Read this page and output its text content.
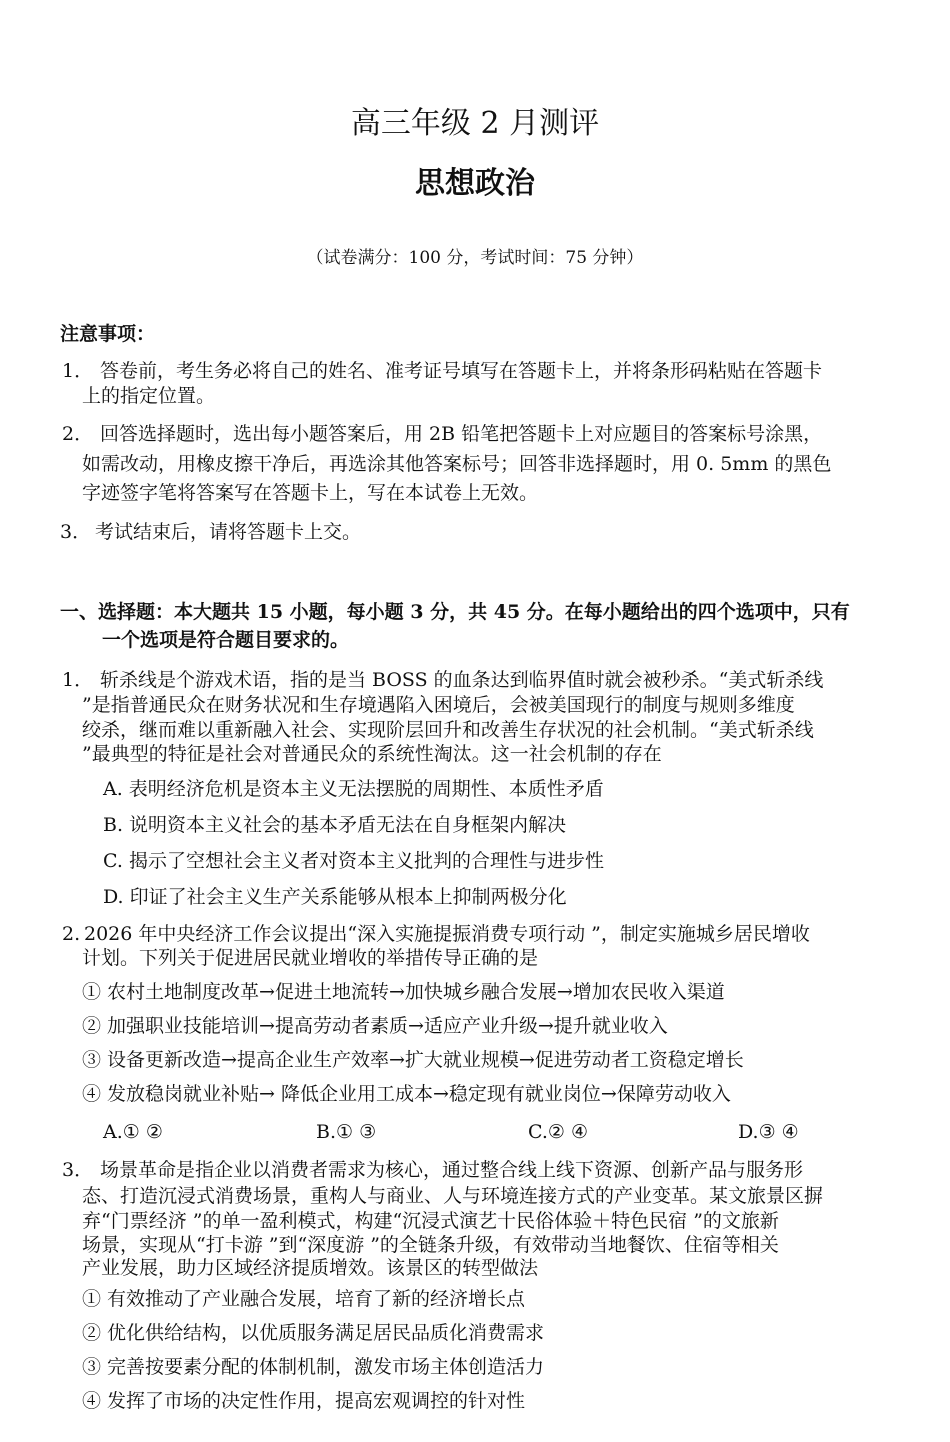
高三年级 2 月测评
思想政治
（试卷满分：100 分，考试时间：75 分钟）
注意事项：
1． 答卷前，考生务必将自己的姓名、准考证号填写在答题卡上，并将条形码粘贴在答题卡
上的指定位置。
2． 回答选择题时，选出每小题答案后，用 2B 铅笔把答题卡上对应题目的答案标号涂黑，
如需改动，用橡皮擦干净后，再选涂其他答案标号；回答非选择题时，用 0. 5mm 的黑色
字迹签字笔将答案写在答题卡上，写在本试卷上无效。
3． 考试结束后，请将答题卡上交。
一、选择题：本大题共 15 小题，每小题 3 分，共 45 分。在每小题给出的四个选项中，只有
一个选项是符合题目要求的。
1． 斩杀线是个游戏术语，指的是当 BOSS 的血条达到临界值时就会被秒杀。“美式斩杀线
”是指普通民众在财务状况和生存境遇陷入困境后，会被美国现行的制度与规则多维度
绞杀，继而难以重新融入社会、实现阶层回升和改善生存状况的社会机制。“美式斩杀线
”最典型的特征是社会对普通民众的系统性淘汰。这一社会机制的存在
A. 表明经济危机是资本主义无法摆脱的周期性、本质性矛盾
B. 说明资本主义社会的基本矛盾无法在自身框架内解决
C. 揭示了空想社会主义者对资本主义批判的合理性与进步性
D. 印证了社会主义生产关系能够从根本上抑制两极分化
2. 2026 年中央经济工作会议提出“深入实施提振消费专项行动 ”，制定实施城乡居民增收
计划。下列关于促进居民就业增收的举措传导正确的是
① 农村土地制度改革→促进土地流转→加快城乡融合发展→增加农民收入渠道
② 加强职业技能培训→提高劳动者素质→适应产业升级→提升就业收入
③ 设备更新改造→提高企业生产效率→扩大就业规模→促进劳动者工资稳定增长
④ 发放稳岗就业补贴→ 降低企业用工成本→稳定现有就业岗位→保障劳动收入
A.① ②	B.① ③	C.② ④	D.③ ④
3． 场景革命是指企业以消费者需求为核心，通过整合线上线下资源、创新产品与服务形
态、打造沉浸式消费场景，重构人与商业、人与环境连接方式的产业变革。某文旅景区摒
弃“门票经济 ”的单一盈利模式，构建“沉浸式演艺十民俗体验＋特色民宿 ”的文旅新
场景，实现从“打卡游 ”到“深度游 ”的全链条升级，有效带动当地餐饮、住宿等相关
产业发展，助力区域经济提质增效。该景区的转型做法
① 有效推动了产业融合发展，培育了新的经济增长点
② 优化供给结构，以优质服务满足居民品质化消费需求
③ 完善按要素分配的体制机制，激发市场主体创造活力
④ 发挥了市场的决定性作用，提高宏观调控的针对性
